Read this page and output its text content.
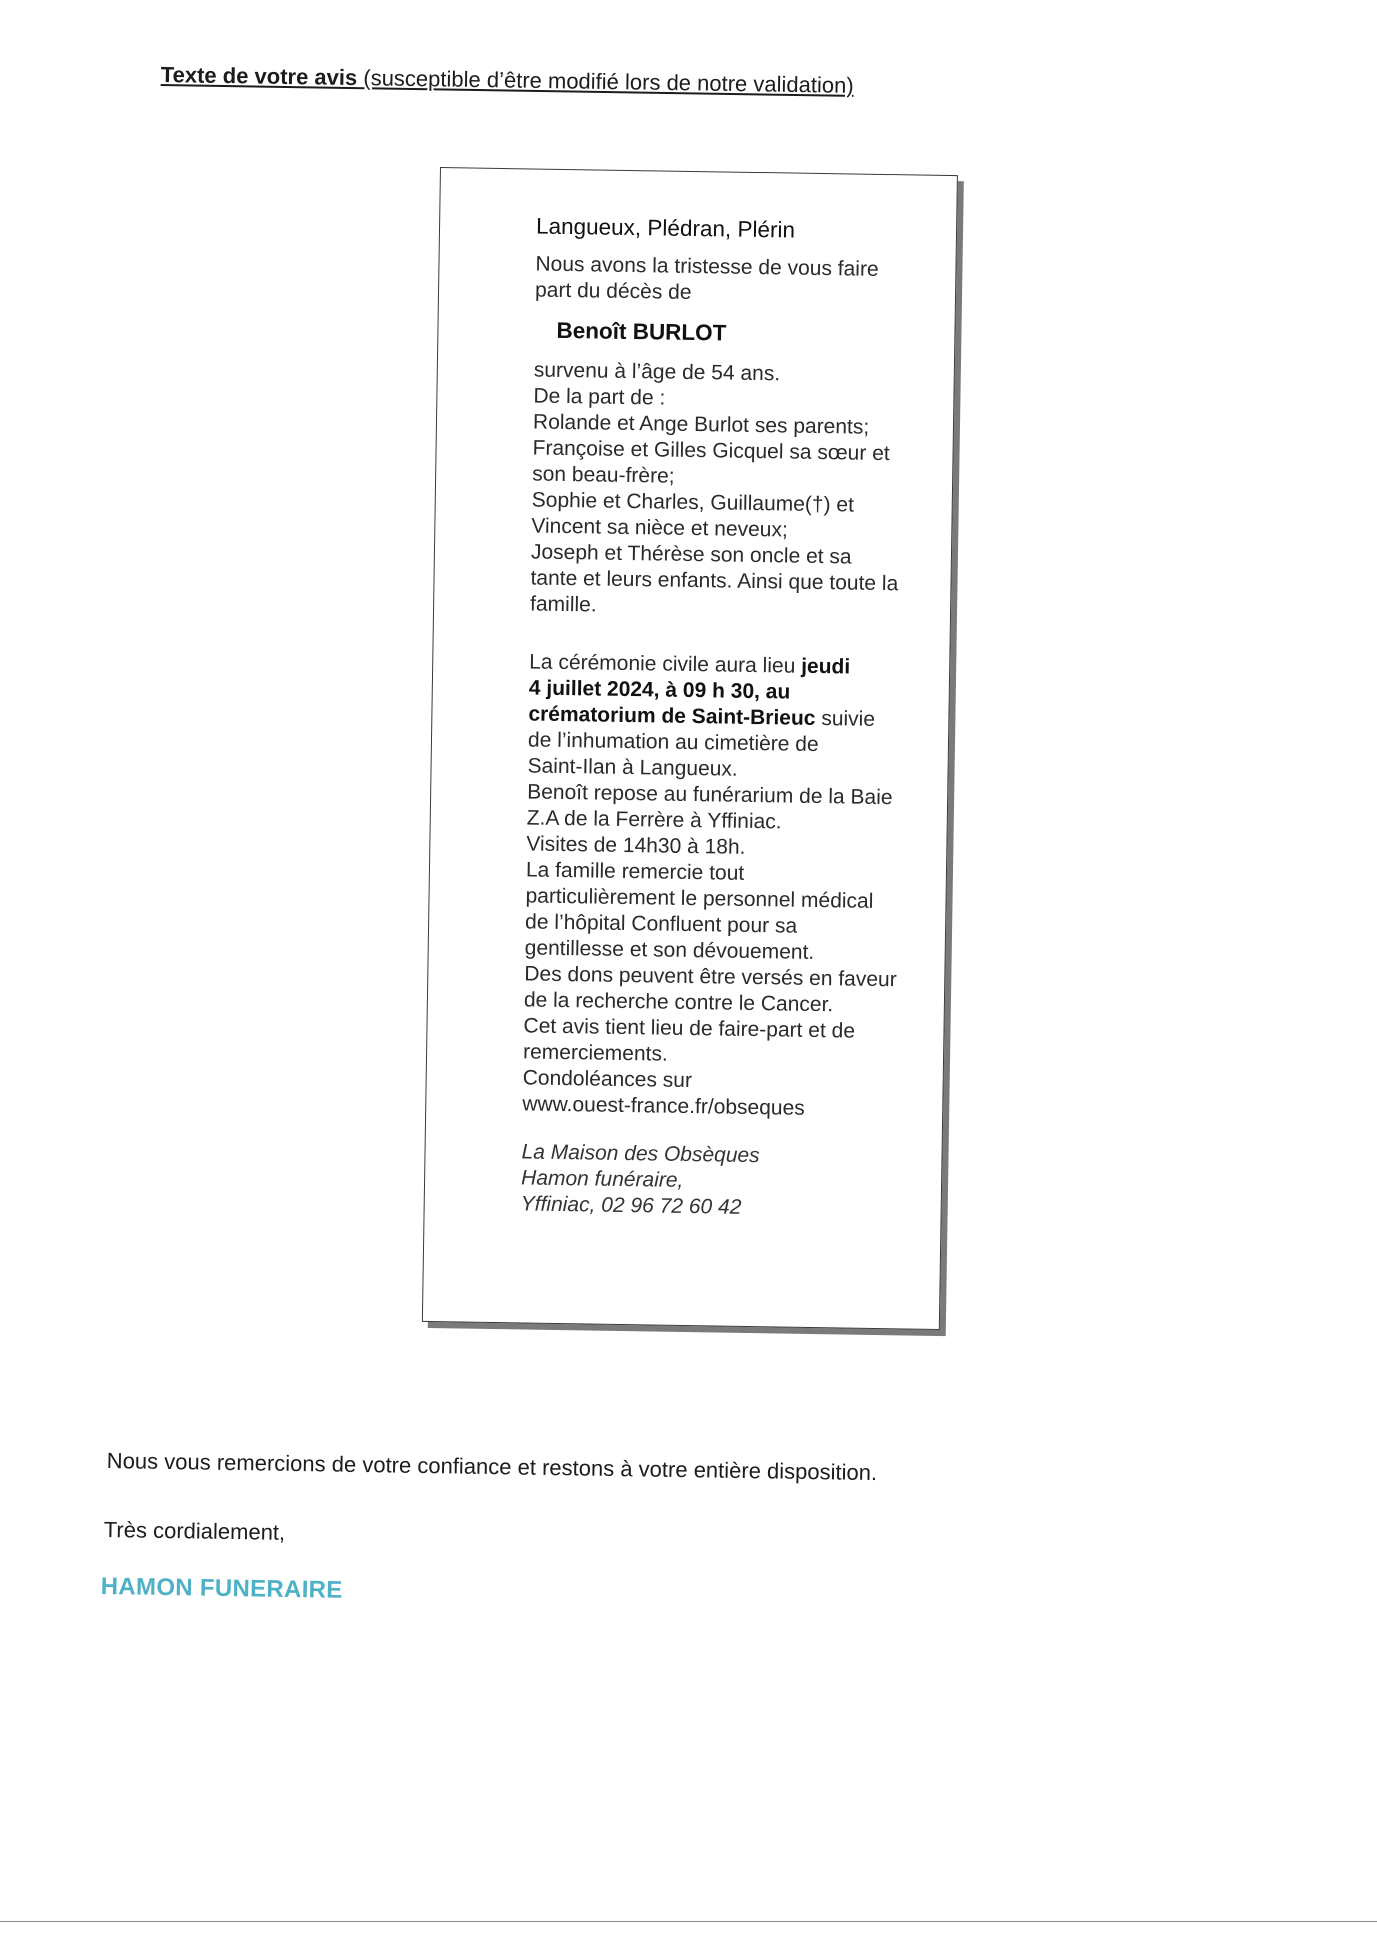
Texte de votre avis (susceptible d’être modifié lors de notre validation)
Langueux, Plédran, Plérin
Nous avons la tristesse de vous faire
part du décès de
Benoît BURLOT
survenu à l’âge de 54 ans.
De la part de :
Rolande et Ange Burlot ses parents;
Françoise et Gilles Gicquel sa sœur et
son beau-frère;
Sophie et Charles, Guillaume(†) et
Vincent sa nièce et neveux;
Joseph et Thérèse son oncle et sa
tante et leurs enfants. Ainsi que toute la
famille.
La cérémonie civile aura lieu jeudi
4 juillet 2024, à 09 h 30, au
crématorium de Saint-Brieuc suivie
de l’inhumation au cimetière de
Saint-Ilan à Langueux.
Benoît repose au funérarium de la Baie
Z.A de la Ferrère à Yffiniac.
Visites de 14h30 à 18h.
La famille remercie tout
particulièrement le personnel médical
de l’hôpital Confluent pour sa
gentillesse et son dévouement.
Des dons peuvent être versés en faveur
de la recherche contre le Cancer.
Cet avis tient lieu de faire-part et de
remerciements.
Condoléances sur
www.ouest-france.fr/obseques
La Maison des Obsèques
Hamon funéraire,
Yffiniac, 02 96 72 60 42
Nous vous remercions de votre confiance et restons à votre entière disposition.
Très cordialement,
HAMON FUNERAIRE
